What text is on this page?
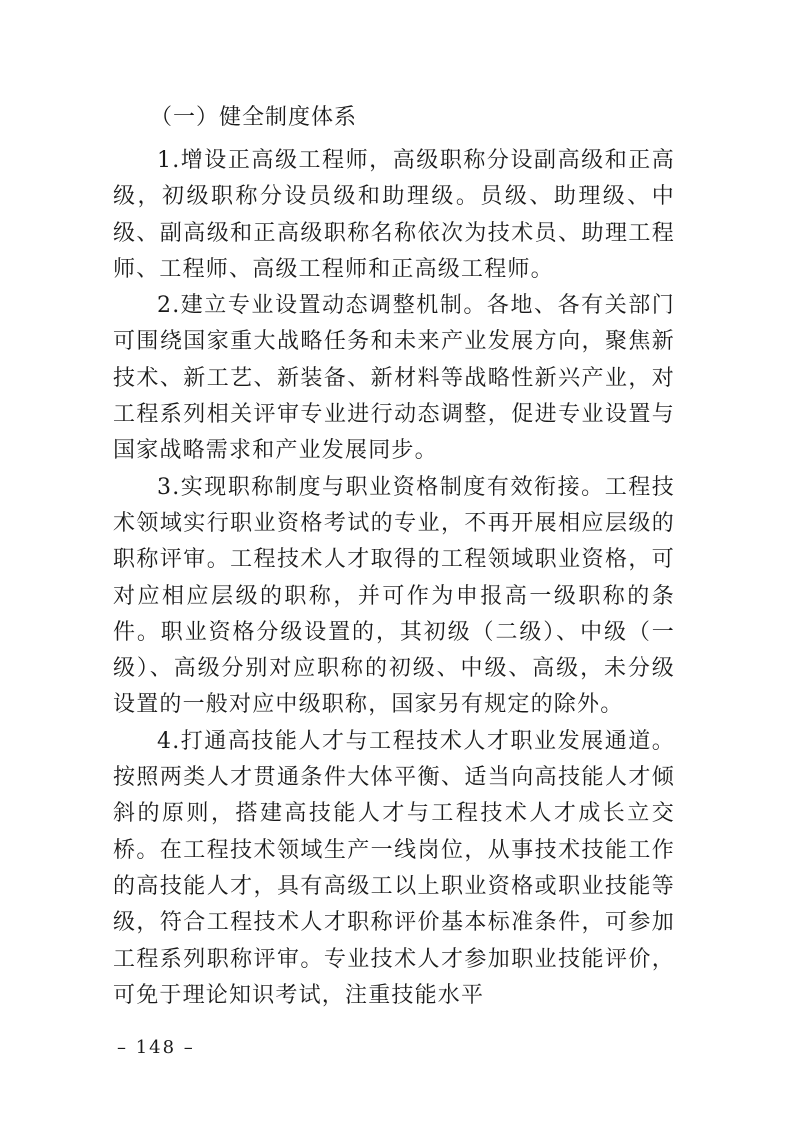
（一）健全制度体系

1.增设正高级工程师，高级职称分设副高级和正高级，初级职称分设员级和助理级。员级、助理级、中级、副高级和正高级职称名称依次为技术员、助理工程师、工程师、高级工程师和正高级工程师。

2.建立专业设置动态调整机制。各地、各有关部门可围绕国家重大战略任务和未来产业发展方向，聚焦新技术、新工艺、新装备、新材料等战略性新兴产业，对工程系列相关评审专业进行动态调整，促进专业设置与国家战略需求和产业发展同步。

3.实现职称制度与职业资格制度有效衔接。工程技术领域实行职业资格考试的专业，不再开展相应层级的职称评审。工程技术人才取得的工程领域职业资格，可对应相应层级的职称，并可作为申报高一级职称的条件。职业资格分级设置的，其初级（二级）、中级（一级）、高级分别对应职称的初级、中级、高级，未分级设置的一般对应中级职称，国家另有规定的除外。

4.打通高技能人才与工程技术人才职业发展通道。按照两类人才贯通条件大体平衡、适当向高技能人才倾斜的原则，搭建高技能人才与工程技术人才成长立交桥。在工程技术领域生产一线岗位，从事技术技能工作的高技能人才，具有高级工以上职业资格或职业技能等级，符合工程技术人才职称评价基本标准条件，可参加工程系列职称评审。专业技术人才参加职业技能评价，可免于理论知识考试，注重技能水平

– 148 –
